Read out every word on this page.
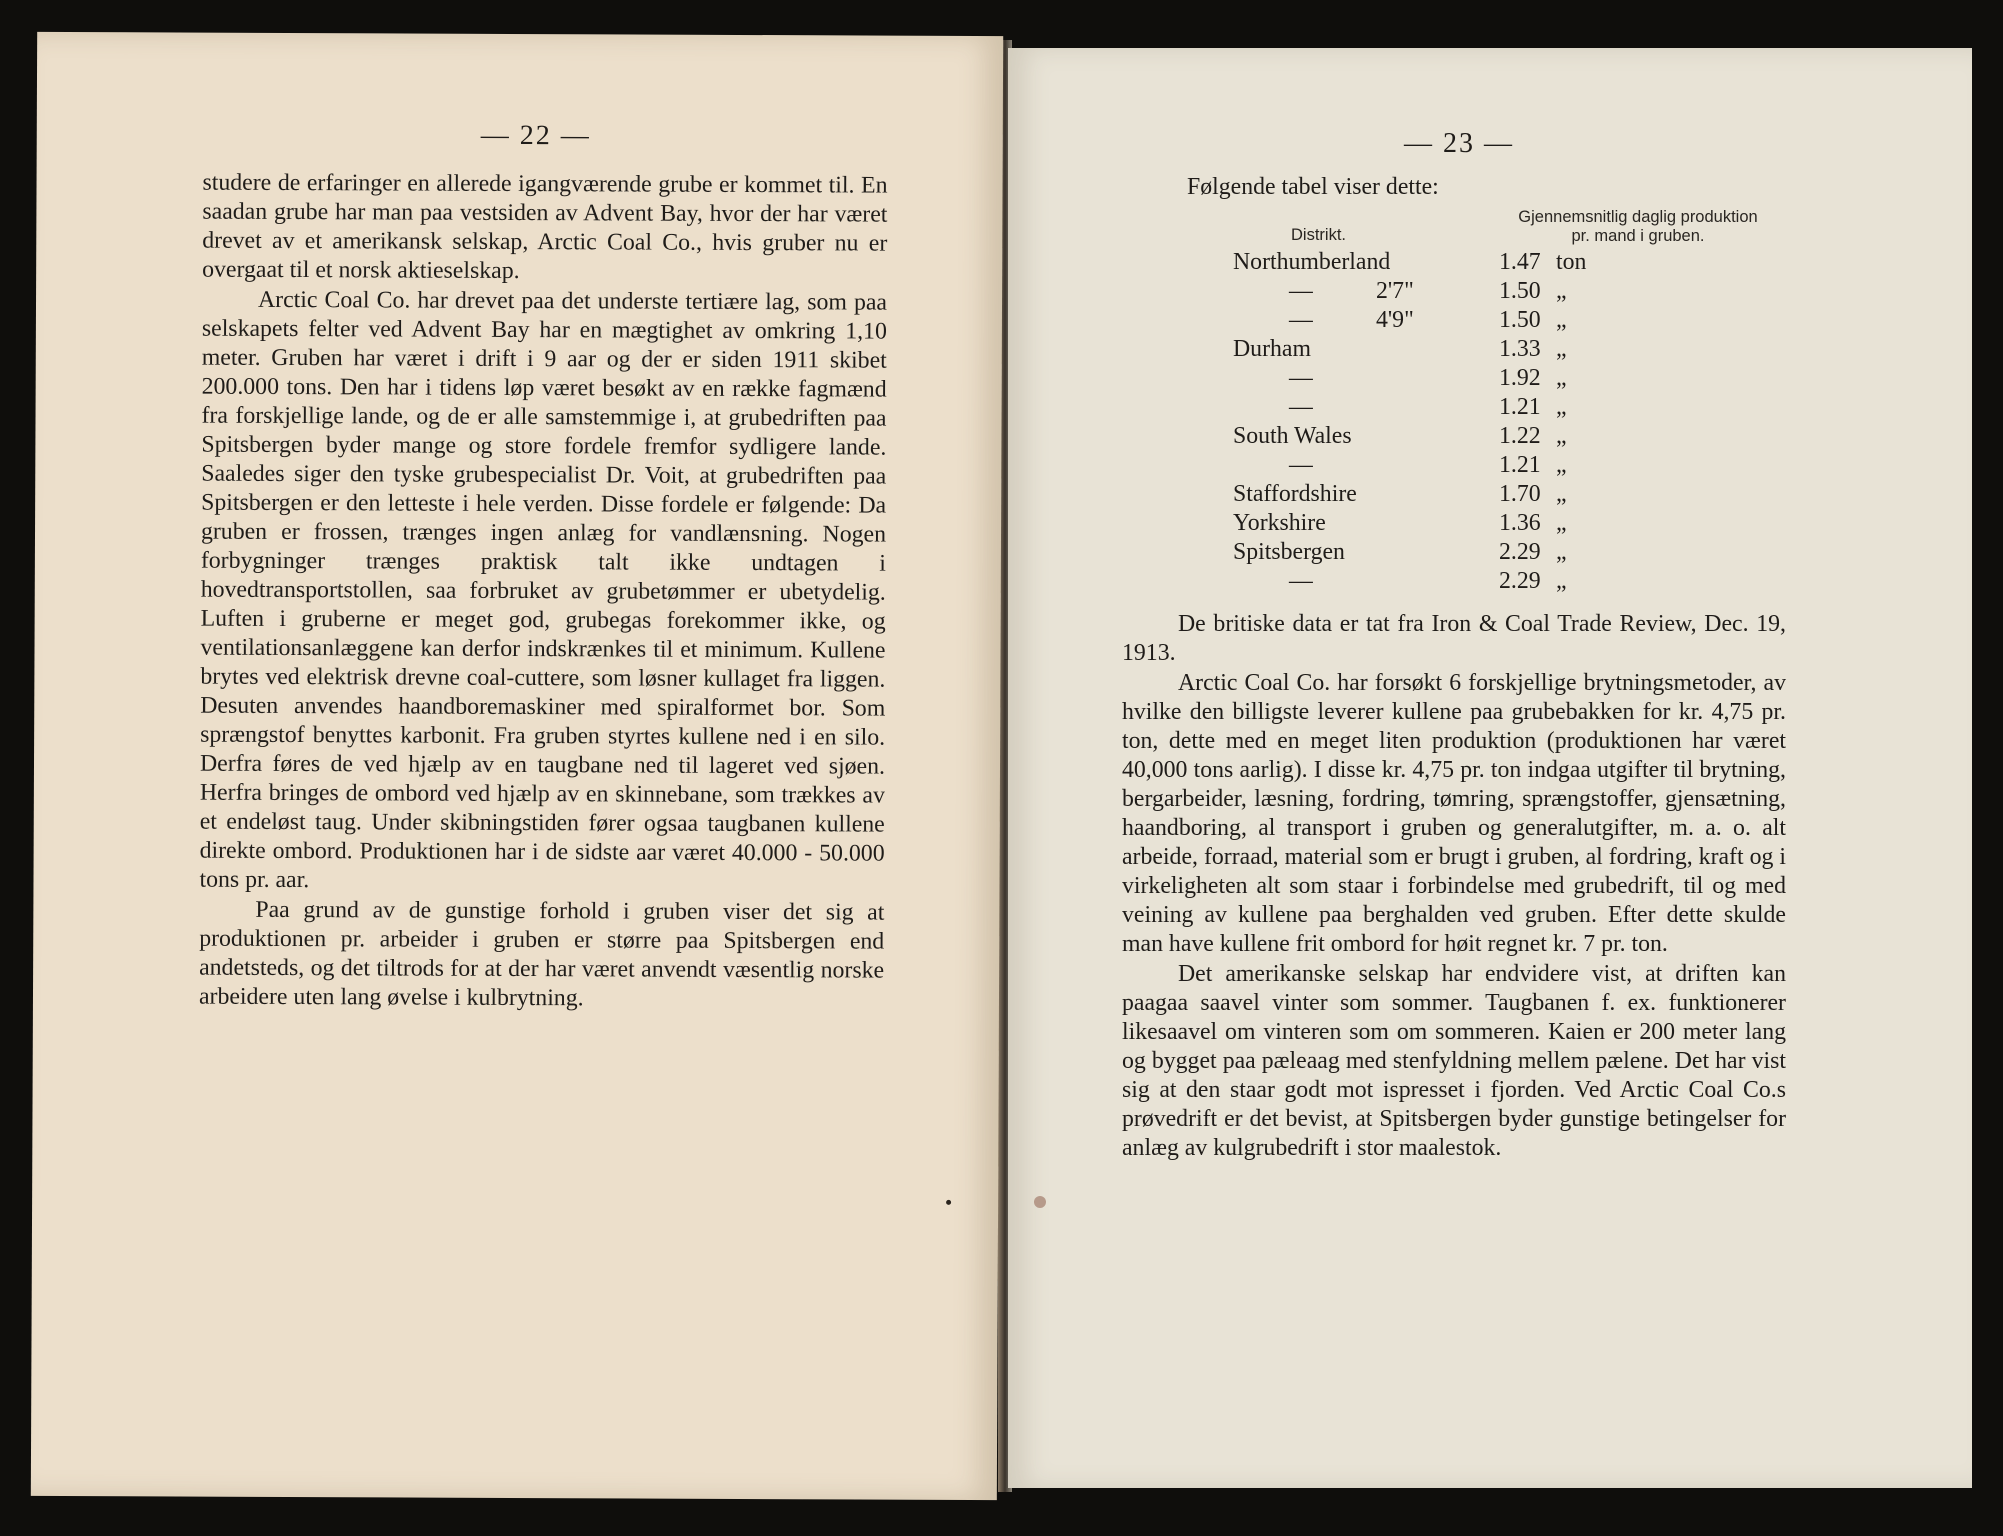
— 22 —

studere de erfaringer en allerede igangværende grube er kommet til. En saadan grube har man paa vestsiden av Advent Bay, hvor der har været drevet av et amerikansk selskap, Arctic Coal Co., hvis gruber nu er overgaat til et norsk aktieselskap.

Arctic Coal Co. har drevet paa det underste tertiære lag, som paa selskapets felter ved Advent Bay har en mægtighet av omkring 1,10 meter. Gruben har været i drift i 9 aar og der er siden 1911 skibet 200.000 tons. Den har i tidens løp været besøkt av en række fagmænd fra forskjellige lande, og de er alle samstemmige i, at grubedriften paa Spitsbergen byder mange og store fordele fremfor sydligere lande. Saaledes siger den tyske grubespecialist Dr. Voit, at grubedriften paa Spitsbergen er den letteste i hele verden. Disse fordele er følgende: Da gruben er frossen, trænges ingen anlæg for vandlænsning. Nogen forbygninger trænges praktisk talt ikke undtagen i hovedtransportstollen, saa forbruket av grubetømmer er ubetydelig. Luften i gruberne er meget god, grubegas forekommer ikke, og ventilationsanlæggene kan derfor indskrænkes til et minimum. Kullene brytes ved elektrisk drevne coal-cuttere, som løsner kullaget fra liggen. Desuten anvendes haandboremaskiner med spiralformet bor. Som sprængstof benyttes karbonit. Fra gruben styrtes kullene ned i en silo. Derfra føres de ved hjælp av en taugbane ned til lageret ved sjøen. Herfra bringes de ombord ved hjælp av en skinnebane, som trækkes av et endeløst taug. Under skibningstiden fører ogsaa taugbanen kullene direkte ombord. Produktionen har i de sidste aar været 40.000 - 50.000 tons pr. aar.

Paa grund av de gunstige forhold i gruben viser det sig at produktionen pr. arbeider i gruben er større paa Spitsbergen end andetsteds, og det tiltrods for at der har været anvendt væsentlig norske arbeidere uten lang øvelse i kulbrytning.

— 23 —
Følgende tabel viser dette:
Gjennemsnitlig daglig produktion pr. mand i gruben.
Distrikt.
Northumberland	1.47 ton
—	2'7"	1.50 „
—	4'9"	1.50 „
Durham	1.33 „
—	1.92 „
—	1.21 „
South Wales	1.22 „
—	1.21 „
Staffordshire	1.70 „
Yorkshire	1.36 „
Spitsbergen	2.29 „
—	2.29 „

De britiske data er tat fra Iron & Coal Trade Review, Dec. 19, 1913.

Arctic Coal Co. har forsøkt 6 forskjellige brytningsmetoder, av hvilke den billigste leverer kullene paa grubebakken for kr. 4,75 pr. ton, dette med en meget liten produktion (produktionen har været 40,000 tons aarlig). I disse kr. 4,75 pr. ton indgaa utgifter til brytning, bergarbeider, læsning, fordring, tømring, sprængstoffer, gjensætning, haandboring, al transport i gruben og generalutgifter, m. a. o. alt arbeide, forraad, material som er brugt i gruben, al fordring, kraft og i virkeligheten alt som staar i forbindelse med grubedrift, til og med veining av kullene paa berghalden ved gruben. Efter dette skulde man have kullene frit ombord for høit regnet kr. 7 pr. ton.

Det amerikanske selskap har endvidere vist, at driften kan paagaa saavel vinter som sommer. Taugbanen f. ex. funktionerer likesaavel om vinteren som om sommeren. Kaien er 200 meter lang og bygget paa pæleaag med stenfyldning mellem pælene. Det har vist sig at den staar godt mot ispresset i fjorden. Ved Arctic Coal Co.s prøvedrift er det bevist, at Spitsbergen byder gunstige betingelser for anlæg av kulgrubedrift i stor maalestok.
